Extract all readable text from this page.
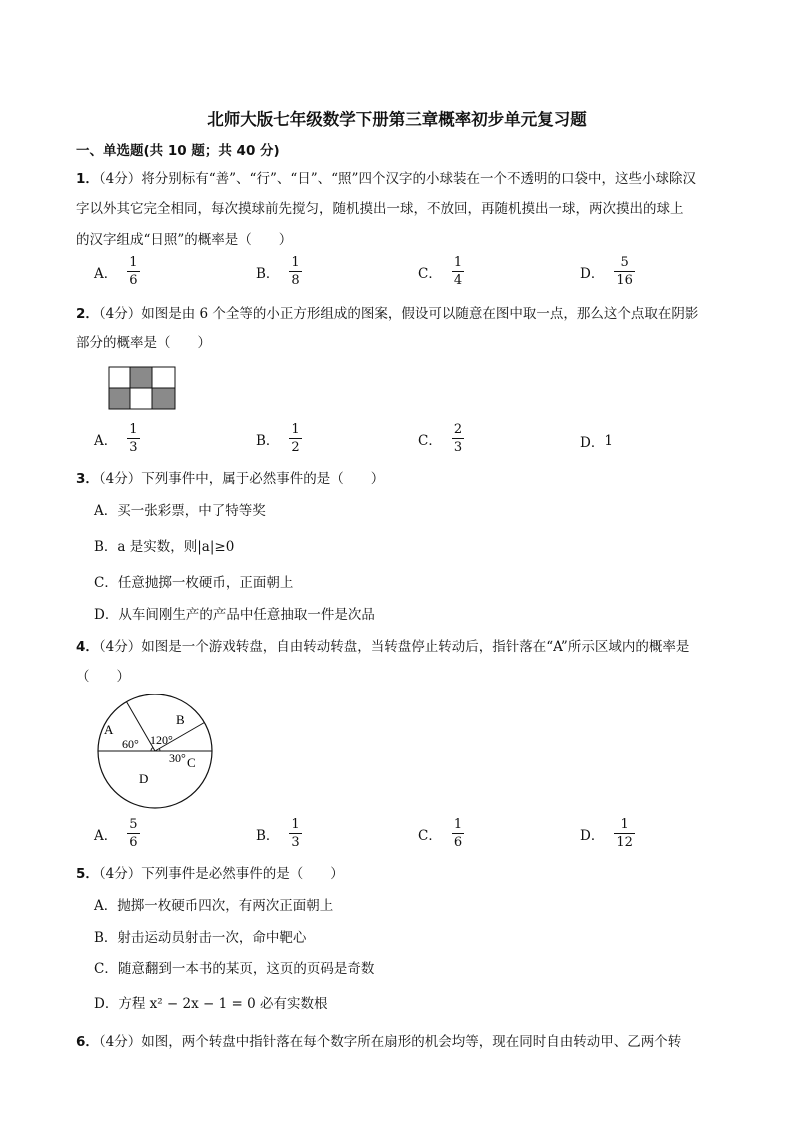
北师大版七年级数学下册第三章概率初步单元复习题
一、单选题(共 10 题；共 40 分)
1．（4分）将分别标有“善”、“行”、“日”、“照”四个汉字的小球装在一个不透明的口袋中，这些小球除汉
字以外其它完全相同，每次摸球前先搅匀，随机摸出一球，不放回，再随机摸出一球，两次摸出的球上
的汉字组成“日照”的概率是（　　）
A． $\frac{1}{6}$	B． $\frac{1}{8}$	C． $\frac{1}{4}$	D． $\frac{5}{16}$
2．（4分）如图是由 6 个全等的小正方形组成的图案，假设可以随意在图中取一点，那么这个点取在阴影
部分的概率是（　　）
A． $\frac{1}{3}$	B． $\frac{1}{2}$	C． $\frac{2}{3}$	D． 1
3．（4分）下列事件中，属于必然事件的是（　　）
A．买一张彩票，中了特等奖
B．a 是实数，则|a|≥0
C．任意抛掷一枚硬币，正面朝上
D．从车间刚生产的产品中任意抽取一件是次品
4．（4分）如图是一个游戏转盘，自由转动转盘，当转盘停止转动后，指针落在“A”所示区域内的概率是
（　　）
A
B
C
D
60° 120°
30°
A． $\frac{5}{6}$	B． $\frac{1}{3}$	C． $\frac{1}{6}$	D． $\frac{1}{12}$
5．（4分）下列事件是必然事件的是（　　）
A．抛掷一枚硬币四次，有两次正面朝上
B．射击运动员射击一次，命中靶心
C．随意翻到一本书的某页，这页的页码是奇数
D．方程 x² − 2x − 1 = 0 必有实数根
6．（4分）如图，两个转盘中指针落在每个数字所在扇形的机会均等，现在同时自由转动甲、乙两个转
